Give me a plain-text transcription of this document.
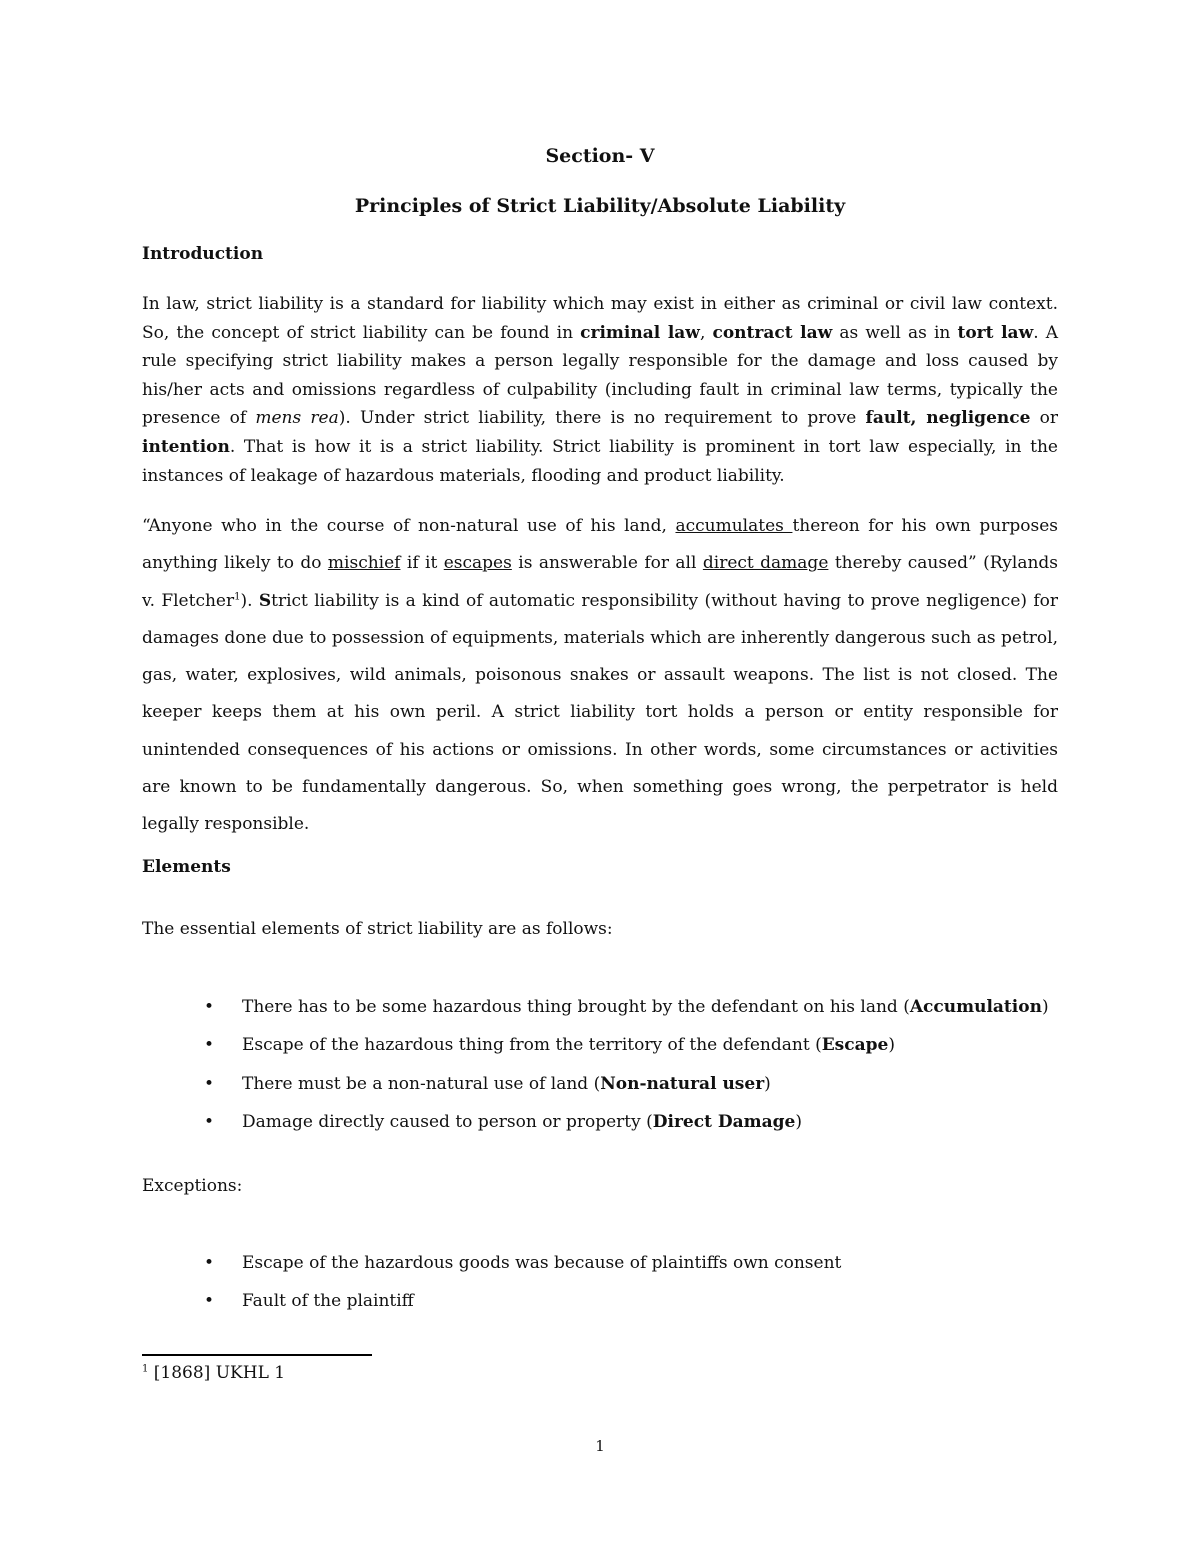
Section- V
Principles of Strict Liability/Absolute Liability
Introduction
In law, strict liability is a standard for liability which may exist in either as criminal or civil law context. So, the concept of strict liability can be found in criminal law, contract law as well as in tort law. A rule specifying strict liability makes a person legally responsible for the damage and loss caused by his/her acts and omissions regardless of culpability (including fault in criminal law terms, typically the presence of mens rea). Under strict liability, there is no requirement to prove fault, negligence or intention. That is how it is a strict liability. Strict liability is prominent in tort law especially, in the instances of leakage of hazardous materials, flooding and product liability.
“Anyone who in the course of non-natural use of his land, accumulates thereon for his own purposes anything likely to do mischief if it escapes is answerable for all direct damage thereby caused” (Rylands v. Fletcher$^1$). Strict liability is a kind of automatic responsibility (without having to prove negligence) for damages done due to possession of equipments, materials which are inherently dangerous such as petrol, gas, water, explosives, wild animals, poisonous snakes or assault weapons. The list is not closed. The keeper keeps them at his own peril. A strict liability tort holds a person or entity responsible for unintended consequences of his actions or omissions. In other words, some circumstances or activities are known to be fundamentally dangerous. So, when something goes wrong, the perpetrator is held legally responsible.
Elements
The essential elements of strict liability are as follows:
• There has to be some hazardous thing brought by the defendant on his land (Accumulation)
• Escape of the hazardous thing from the territory of the defendant (Escape)
• There must be a non-natural use of land (Non-natural user)
• Damage directly caused to person or property (Direct Damage)
Exceptions:
• Escape of the hazardous goods was because of plaintiffs own consent
• Fault of the plaintiff
$^1$ [1868] UKHL 1
1
